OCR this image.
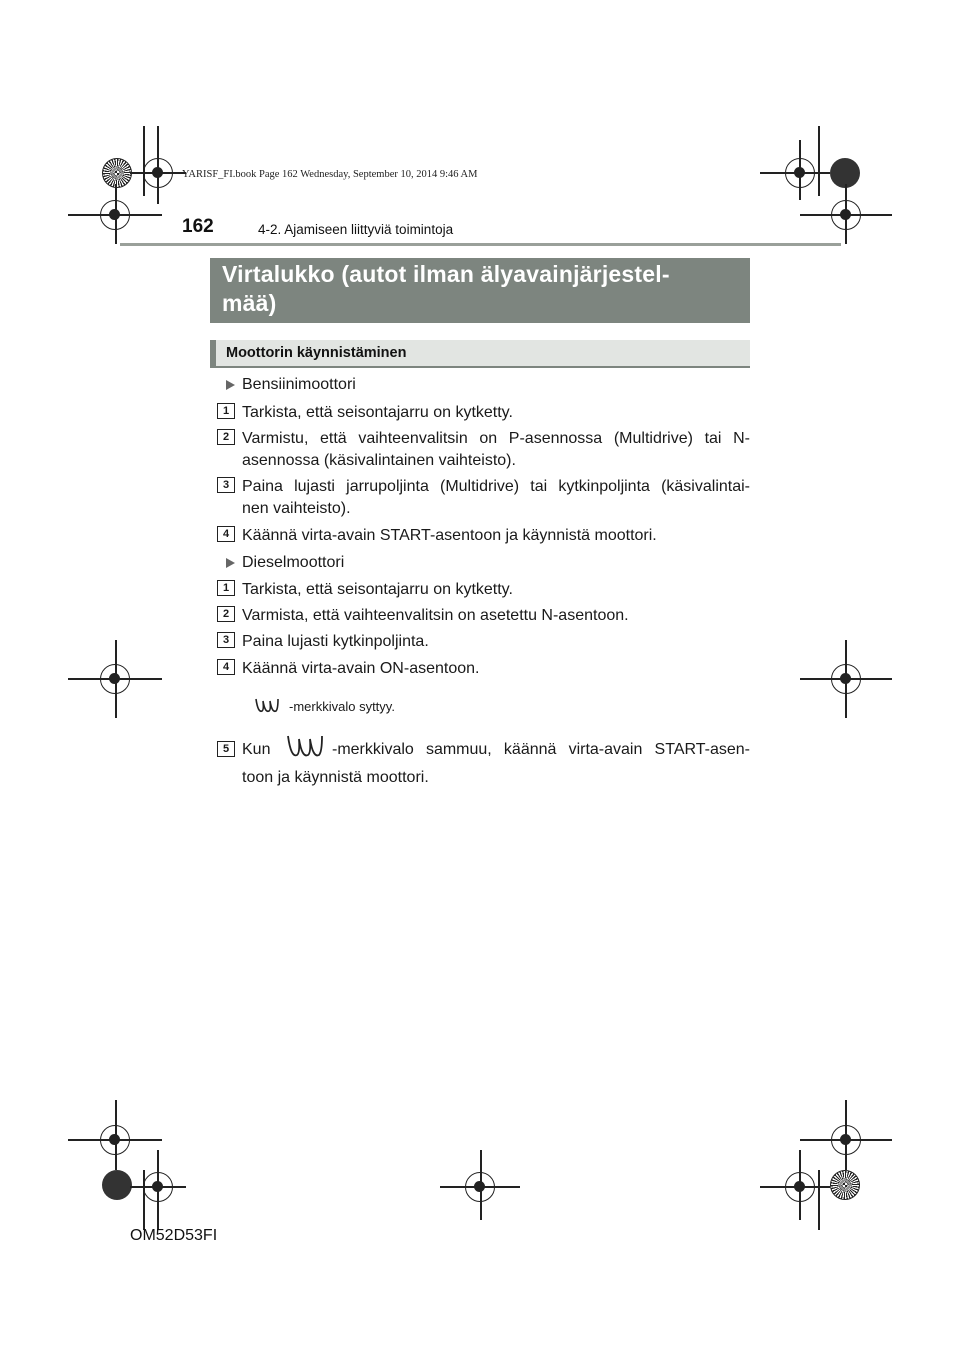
YARISF_FI.book Page 162 Wednesday, September 10, 2014 9:46 AM
162	4-2. Ajamiseen liittyviä toimintoja
Virtalukko (autot ilman älyavainjärjestel-
mää)
Moottorin käynnistäminen
Bensiinimoottori
1 Tarkista, että seisontajarru on kytketty.
2 Varmistu, että vaihteenvalitsin on P-asennossa (Multidrive) tai N-
asennossa (käsivalintainen vaihteisto).
3 Paina lujasti jarrupoljinta (Multidrive) tai kytkinpoljinta (käsivalintai-
nen vaihteisto).
4 Käännä virta-avain START-asentoon ja käynnistä moottori.
Dieselmoottori
1 Tarkista, että seisontajarru on kytketty.
2 Varmista, että vaihteenvalitsin on asetettu N-asentoon.
3 Paina lujasti kytkinpoljinta.
4 Käännä virta-avain ON-asentoon.
-merkkivalo syttyy.
5 Kun	-merkkivalo sammuu, käännä virta-avain START-asen-
toon ja käynnistä moottori.
OM52D53FI
